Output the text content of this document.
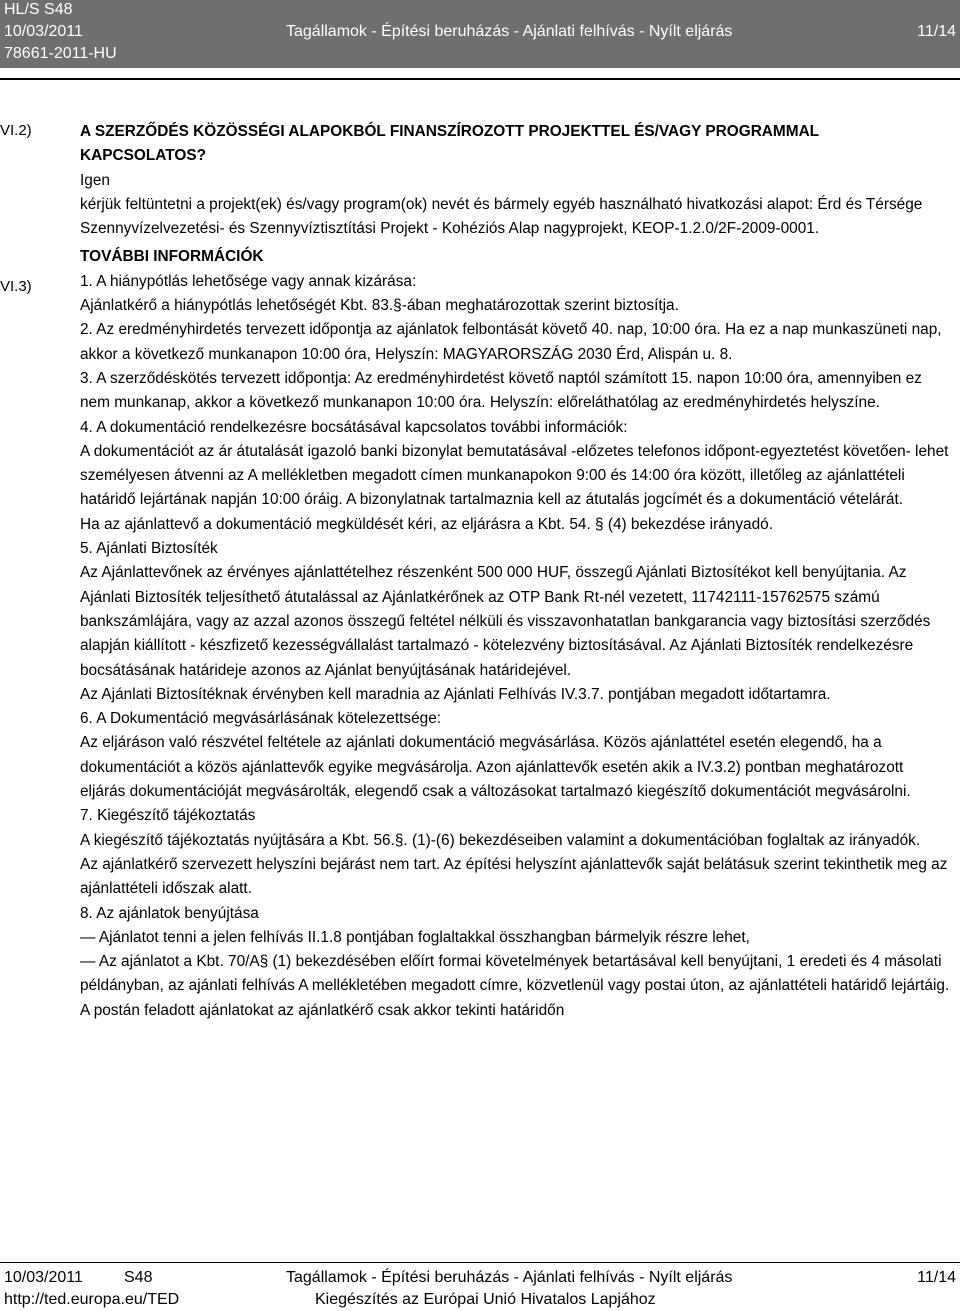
HL/S S48
10/03/2011
78661-2011-HU
Tagállamok - Építési beruházás - Ajánlati felhívás - Nyílt eljárás	11/14
VI.2)
VI.3)

A SZERZŐDÉS KÖZÖSSÉGI ALAPOKBÓL FINANSZÍROZOTT PROJEKTTEL ÉS/VAGY PROGRAMMAL
KAPCSOLATOS?

Igen

kérjük feltüntetni a projekt(ek) és/vagy program(ok) nevét és bármely egyéb használható hivatkozási alapot: Érd és Térsége Szennyvízelvezetési- és Szennyvíztisztítási Projekt - Kohéziós Alap nagyprojekt, KEOP-1.2.0/2F-2009-0001.

TOVÁBBI INFORMÁCIÓK

1. A hiánypótlás lehetősége vagy annak kizárása:

Ajánlatkérő a hiánypótlás lehetőségét Kbt. 83.§-ában meghatározottak szerint biztosítja.

2. Az eredményhirdetés tervezett időpontja az ajánlatok felbontását követő 40. nap, 10:00 óra. Ha ez a nap munkaszüneti nap, akkor a következő munkanapon 10:00 óra, Helyszín: MAGYARORSZÁG 2030 Érd, Alispán u. 8.

3. A szerződéskötés tervezett időpontja: Az eredményhirdetést követő naptól számított 15. napon 10:00 óra, amennyiben ez nem munkanap, akkor a következő munkanapon 10:00 óra. Helyszín: előreláthatólag az eredményhirdetés helyszíne.

4. A dokumentáció rendelkezésre bocsátásával kapcsolatos további információk:

A dokumentációt az ár átutalását igazoló banki bizonylat bemutatásával -előzetes telefonos időpont-egyeztetést követően- lehet személyesen átvenni az A mellékletben megadott címen munkanapokon 9:00 és 14:00 óra között, illetőleg az ajánlattételi határidő lejártának napján 10:00 óráig. A bizonylatnak tartalmaznia kell az átutalás jogcímét és a dokumentáció vételárát.

Ha az ajánlattevő a dokumentáció megküldését kéri, az eljárásra a Kbt. 54. § (4) bekezdése irányadó.

5. Ajánlati Biztosíték

Az Ajánlattevőnek az érvényes ajánlattételhez részenként 500 000 HUF, összegű Ajánlati Biztosítékot kell benyújtania. Az Ajánlati Biztosíték teljesíthető átutalással az Ajánlatkérőnek az OTP Bank Rt-nél vezetett, 11742111-15762575 számú bankszámlájára, vagy az azzal azonos összegű feltétel nélküli és visszavonhatatlan bankgarancia vagy biztosítási szerződés alapján kiállított - készfizető kezességvállalást tartalmazó - kötelezvény biztosításával. Az Ajánlati Biztosíték rendelkezésre bocsátásának határideje azonos az Ajánlat benyújtásának határidejével.

Az Ajánlati Biztosítéknak érvényben kell maradnia az Ajánlati Felhívás IV.3.7. pontjában megadott időtartamra.

6. A Dokumentáció megvásárlásának kötelezettsége:

Az eljáráson való részvétel feltétele az ajánlati dokumentáció megvásárlása. Közös ajánlattétel esetén elegendő, ha a dokumentációt a közös ajánlattevők egyike megvásárolja. Azon ajánlattevők esetén akik a IV.3.2) pontban meghatározott eljárás dokumentációját megvásárolták, elegendő csak a változásokat tartalmazó kiegészítő dokumentációt megvásárolni.

7. Kiegészítő tájékoztatás

A kiegészítő tájékoztatás nyújtására a Kbt. 56.§. (1)-(6) bekezdéseiben valamint a dokumentációban foglaltak az irányadók.

Az ajánlatkérő szervezett helyszíni bejárást nem tart. Az építési helyszínt ajánlattevők saját belátásuk szerint tekinthetik meg az ajánlattételi időszak alatt.

8. Az ajánlatok benyújtása

— Ajánlatot tenni a jelen felhívás II.1.8 pontjában foglaltakkal összhangban bármelyik részre lehet,

— Az ajánlatot a Kbt. 70/A§ (1) bekezdésében előírt formai követelmények betartásával kell benyújtani, 1 eredeti és 4 másolati példányban, az ajánlati felhívás A mellékletében megadott címre, közvetlenül vagy postai úton, az ajánlattételi határidő lejártáig. A postán feladott ajánlatokat az ajánlatkérő csak akkor tekinti határidőn

10/03/2011	S48
http://ted.europa.eu/TED
Tagállamok - Építési beruházás - Ajánlati felhívás - Nyílt eljárás
Kiegészítés az Európai Unió Hivatalos Lapjához
11/14
